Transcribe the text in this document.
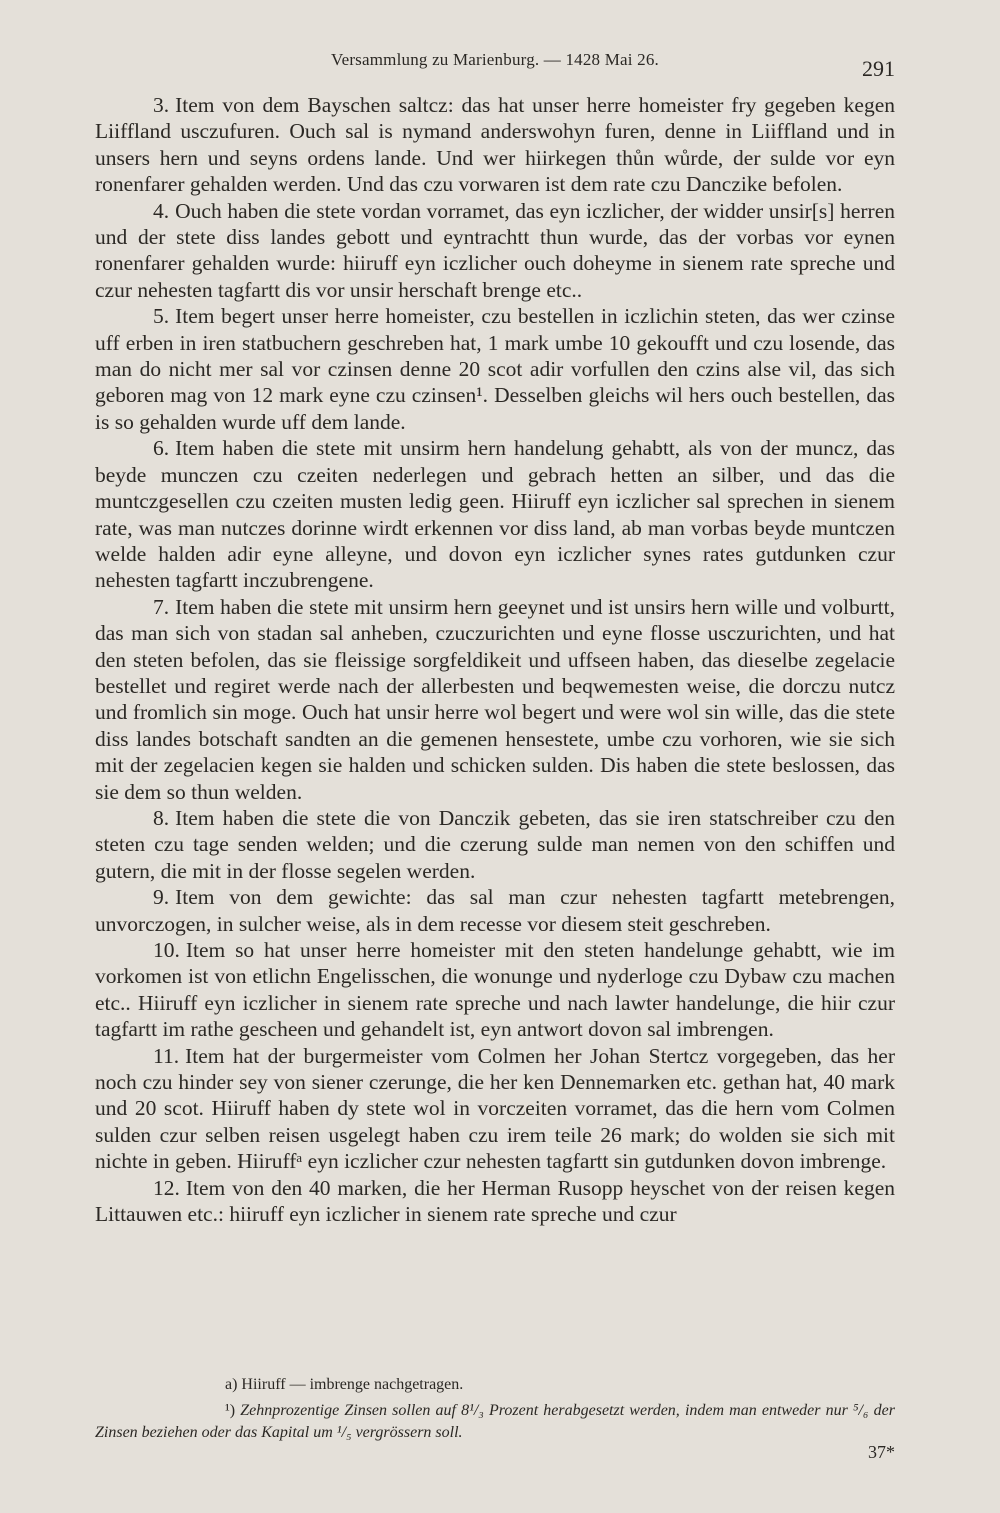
Versammlung zu Marienburg. — 1428 Mai 26.	291

3. Item von dem Bayschen saltcz: das hat unser herre homeister fry gegeben kegen Liiffland usczufuren. Ouch sal is nymand anderswohyn furen, denne in Liiffland und in unsers hern und seyns ordens lande. Und wer hiirkegen thůn wůrde, der sulde vor eyn ronenfarer gehalden werden. Und das czu vorwaren ist dem rate czu Danczike befolen.

4. Ouch haben die stete vordan vorramet, das eyn iczlicher, der widder unsir[s] herren und der stete diss landes gebott und eyntrachtt thun wurde, das der vorbas vor eynen ronenfarer gehalden wurde: hiiruff eyn iczlicher ouch doheyme in sienem rate spreche und czur nehesten tagfartt dis vor unsir herschaft brenge etc..

5. Item begert unser herre homeister, czu bestellen in iczlichin steten, das wer czinse uff erben in iren statbuchern geschreben hat, 1 mark umbe 10 gekoufft und czu losende, das man do nicht mer sal vor czinsen denne 20 scot adir vorfullen den czins alse vil, das sich geboren mag von 12 mark eyne czu czinsen¹. Desselben gleichs wil hers ouch bestellen, das is so gehalden wurde uff dem lande.

6. Item haben die stete mit unsirm hern handelung gehabtt, als von der muncz, das beyde munczen czu czeiten nederlegen und gebrach hetten an silber, und das die muntczgesellen czu czeiten musten ledig geen. Hiiruff eyn iczlicher sal sprechen in sienem rate, was man nutczes dorinne wirdt erkennen vor diss land, ab man vorbas beyde muntczen welde halden adir eyne alleyne, und dovon eyn iczlicher synes rates gutdunken czur nehesten tagfartt inczubrengene.

7. Item haben die stete mit unsirm hern geeynet und ist unsirs hern wille und volburtt, das man sich von stadan sal anheben, czuczurichten und eyne flosse usczurichten, und hat den steten befolen, das sie fleissige sorgfeldikeit und uffseen haben, das dieselbe zegelacie bestellet und regiret werde nach der allerbesten und beqwemesten weise, die dorczu nutcz und fromlich sin moge. Ouch hat unsir herre wol begert und were wol sin wille, das die stete diss landes botschaft sandten an die gemenen hensestete, umbe czu vorhoren, wie sie sich mit der zegelacien kegen sie halden und schicken sulden. Dis haben die stete beslossen, das sie dem so thun welden.

8. Item haben die stete die von Danczik gebeten, das sie iren statschreiber czu den steten czu tage senden welden; und die czerung sulde man nemen von den schiffen und gutern, die mit in der flosse segelen werden.

9. Item von dem gewichte: das sal man czur nehesten tagfartt metebrengen, unvorczogen, in sulcher weise, als in dem recesse vor diesem steit geschreben.

10. Item so hat unser herre homeister mit den steten handelunge gehabtt, wie im vorkomen ist von etlichn Engelisschen, die wonunge und nyderloge czu Dybaw czu machen etc.. Hiiruff eyn iczlicher in sienem rate spreche und nach lawter handelunge, die hiir czur tagfartt im rathe gescheen und gehandelt ist, eyn antwort dovon sal imbrengen.

11. Item hat der burgermeister vom Colmen her Johan Stertcz vorgegeben, das her noch czu hinder sey von siener czerunge, die her ken Dennemarken etc. gethan hat, 40 mark und 20 scot. Hiiruff haben dy stete wol in vorczeiten vorramet, das die hern vom Colmen sulden czur selben reisen usgelegt haben czu irem teile 26 mark; do wolden sie sich mit nichte in geben. Hiiruffᵃ eyn iczlicher czur nehesten tagfartt sin gutdunken dovon imbrenge.

12. Item von den 40 marken, die her Herman Rusopp heyschet von der reisen kegen Littauwen etc.: hiiruff eyn iczlicher in sienem rate spreche und czur

a) Hiiruff — imbrenge nachgetragen.

¹) Zehnprozentige Zinsen sollen auf 8¹/₃ Prozent herabgesetzt werden, indem man entweder nur ⁵/₆ der Zinsen beziehen oder das Kapital um ¹/₅ vergrössern soll.

37*
